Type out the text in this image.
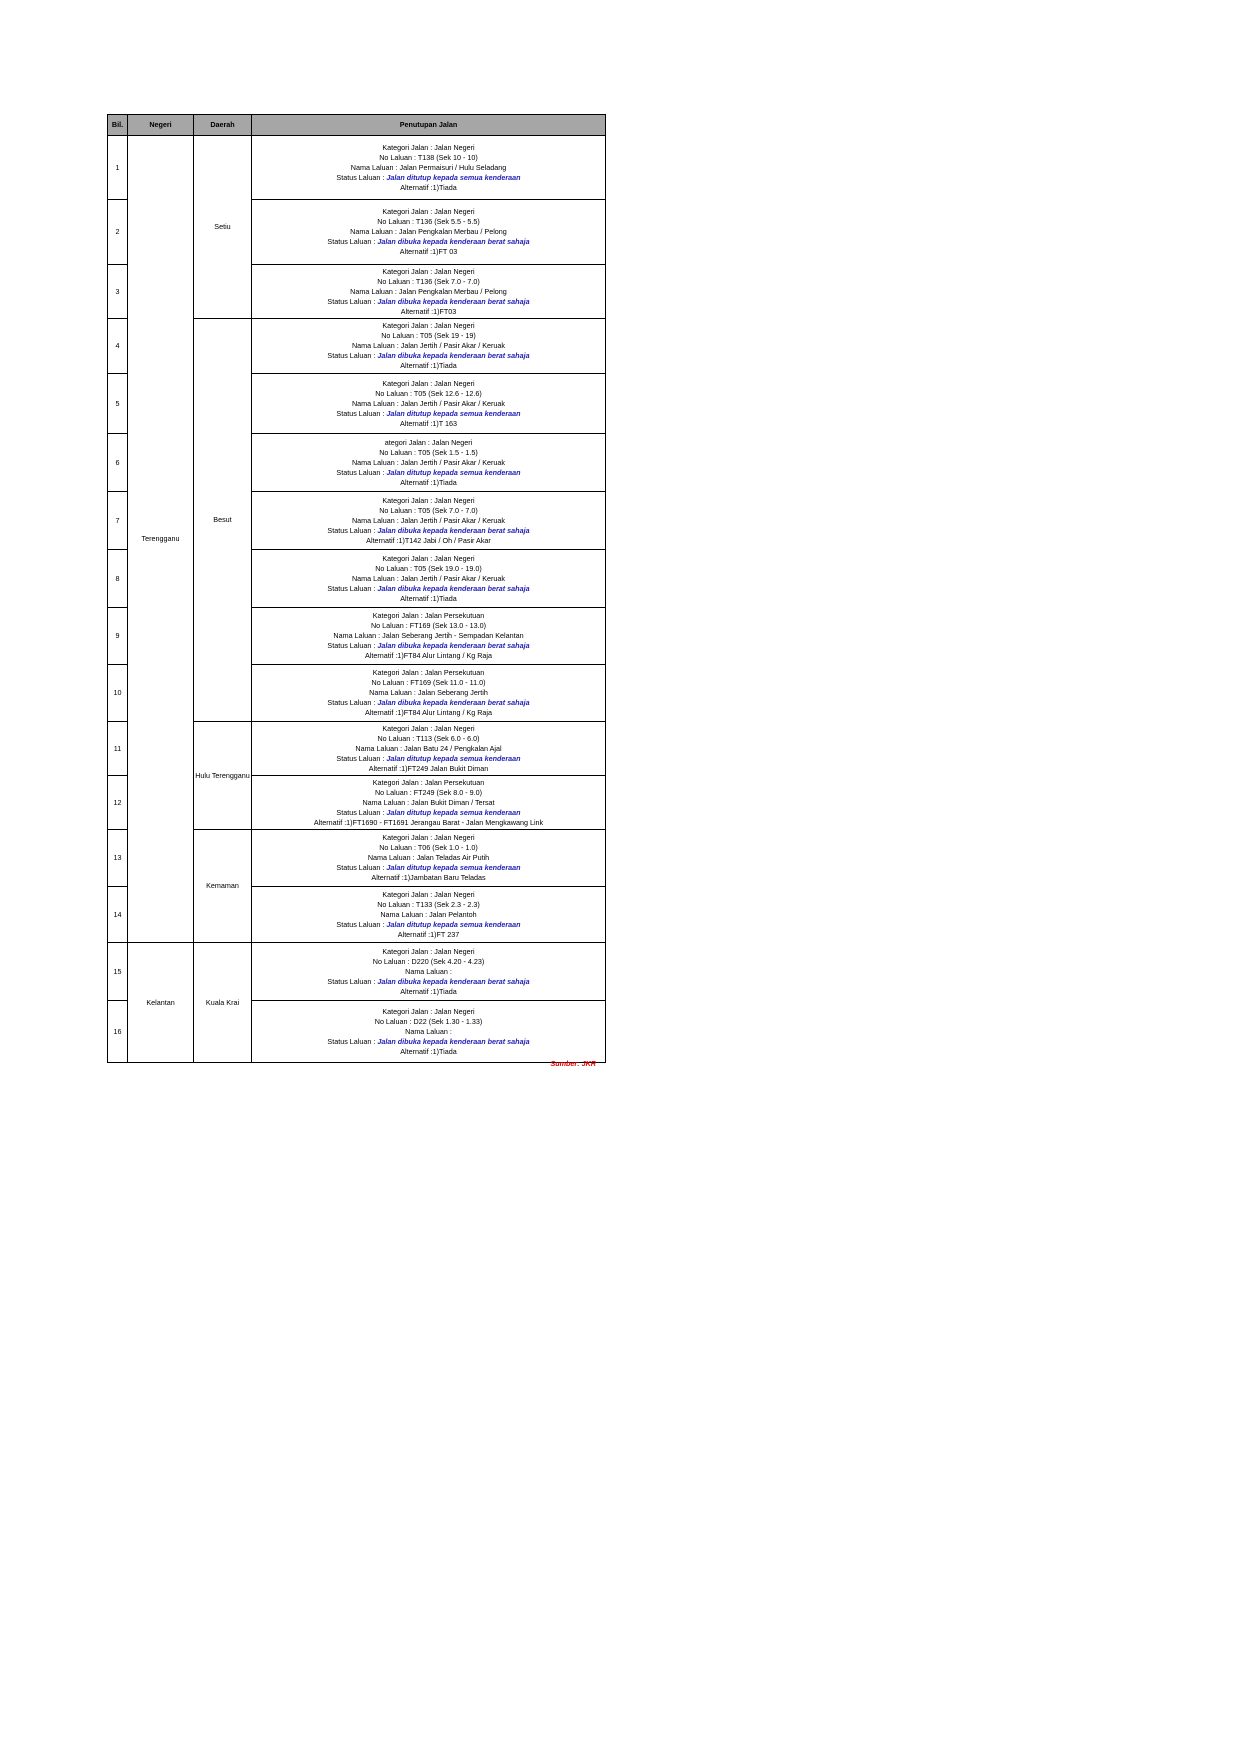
Bil.	Negeri	Daerah	Penutupan Jalan
1	Terengganu	Setiu	Kategori Jalan : Jalan Negeri
No Laluan : T138 (Sek 10 - 10)
Nama Laluan : Jalan Permaisuri / Hulu Seladang
Status Laluan : Jalan ditutup kepada semua kenderaan
Alternatif :1)Tiada

2			Kategori Jalan : Jalan Negeri
No Laluan : T136 (Sek 5.5 - 5.5)
Nama Laluan : Jalan Pengkalan Merbau / Pelong
Status Laluan : Jalan dibuka kepada kenderaan berat sahaja
Alternatif :1)FT 03

3			Kategori Jalan : Jalan Negeri
No Laluan : T136 (Sek 7.0 - 7.0)
Nama Laluan : Jalan Pengkalan Merbau / Pelong
Status Laluan : Jalan dibuka kepada kenderaan berat sahaja
Alternatif :1)FT03

4		Besut	Kategori Jalan : Jalan Negeri
No Laluan : T05 (Sek 19 - 19)
Nama Laluan : Jalan Jertih / Pasir Akar / Keruak
Status Laluan : Jalan dibuka kepada kenderaan berat sahaja
Alternatif :1)Tiada

5			Kategori Jalan : Jalan Negeri
No Laluan : T05 (Sek 12.6 - 12.6)
Nama Laluan : Jalan Jertih / Pasir Akar / Keruak
Status Laluan : Jalan ditutup kepada semua kenderaan
Alternatif :1)T 163

6			ategori Jalan : Jalan Negeri
No Laluan : T05 (Sek 1.5 - 1.5)
Nama Laluan : Jalan Jertih / Pasir Akar / Keruak
Status Laluan : Jalan ditutup kepada semua kenderaan
Alternatif :1)Tiada

7			Kategori Jalan : Jalan Negeri
No Laluan : T05 (Sek 7.0 - 7.0)
Nama Laluan : Jalan Jertih / Pasir Akar / Keruak
Status Laluan : Jalan dibuka kepada kenderaan berat sahaja
Alternatif :1)T142 Jabi / Oh / Pasir Akar

8			Kategori Jalan : Jalan Negeri
No Laluan : T05 (Sek 19.0 - 19.0)
Nama Laluan : Jalan Jertih / Pasir Akar / Keruak
Status Laluan : Jalan dibuka kepada kenderaan berat sahaja
Alternatif :1)Tiada

9			Kategori Jalan : Jalan Persekutuan
No Laluan : FT169 (Sek 13.0 - 13.0)
Nama Laluan : Jalan Seberang Jertih - Sempadan Kelantan
Status Laluan : Jalan dibuka kepada kenderaan berat sahaja
Alternatif :1)FT84 Alur Lintang / Kg Raja

10			Kategori Jalan : Jalan Persekutuan
No Laluan : FT169 (Sek 11.0 - 11.0)
Nama Laluan : Jalan Seberang Jertih
Status Laluan : Jalan dibuka kepada kenderaan berat sahaja
Alternatif :1)FT84 Alur Lintang / Kg Raja

11		Hulu Terengganu	Kategori Jalan : Jalan Negeri
No Laluan : T113 (Sek 6.0 - 6.0)
Nama Laluan : Jalan Batu 24 / Pengkalan Ajal
Status Laluan : Jalan ditutup kepada semua kenderaan
Alternatif :1)FT249 Jalan Bukit Diman

12			Kategori Jalan : Jalan Persekutuan
No Laluan : FT249 (Sek 8.0 - 9.0)
Nama Laluan : Jalan Bukit Diman / Tersat
Status Laluan : Jalan ditutup kepada semua kenderaan
Alternatif :1)FT1690 - FT1691 Jerangau Barat - Jalan Mengkawang Link

13		Kemaman	Kategori Jalan : Jalan Negeri
No Laluan : T06 (Sek 1.0 - 1.0)
Nama Laluan : Jalan Teladas Air Putih
Status Laluan : Jalan ditutup kepada semua kenderaan
Alternatif :1)Jambatan Baru Teladas

14			Kategori Jalan : Jalan Negeri
No Laluan : T133 (Sek 2.3 - 2.3)
Nama Laluan : Jalan Pelantoh
Status Laluan : Jalan ditutup kepada semua kenderaan
Alternatif :1)FT 237

15	Kelantan	Kuala Krai	Kategori Jalan : Jalan Negeri
No Laluan : D220 (Sek 4.20 - 4.23)
Nama Laluan :
Status Laluan : Jalan dibuka kepada kenderaan berat sahaja
Alternatif :1)Tiada

16			Kategori Jalan : Jalan Negeri
No Laluan : D22 (Sek 1.30 - 1.33)
Nama Laluan :
Status Laluan : Jalan dibuka kepada kenderaan berat sahaja
Alternatif :1)Tiada
Sumber: JKR
